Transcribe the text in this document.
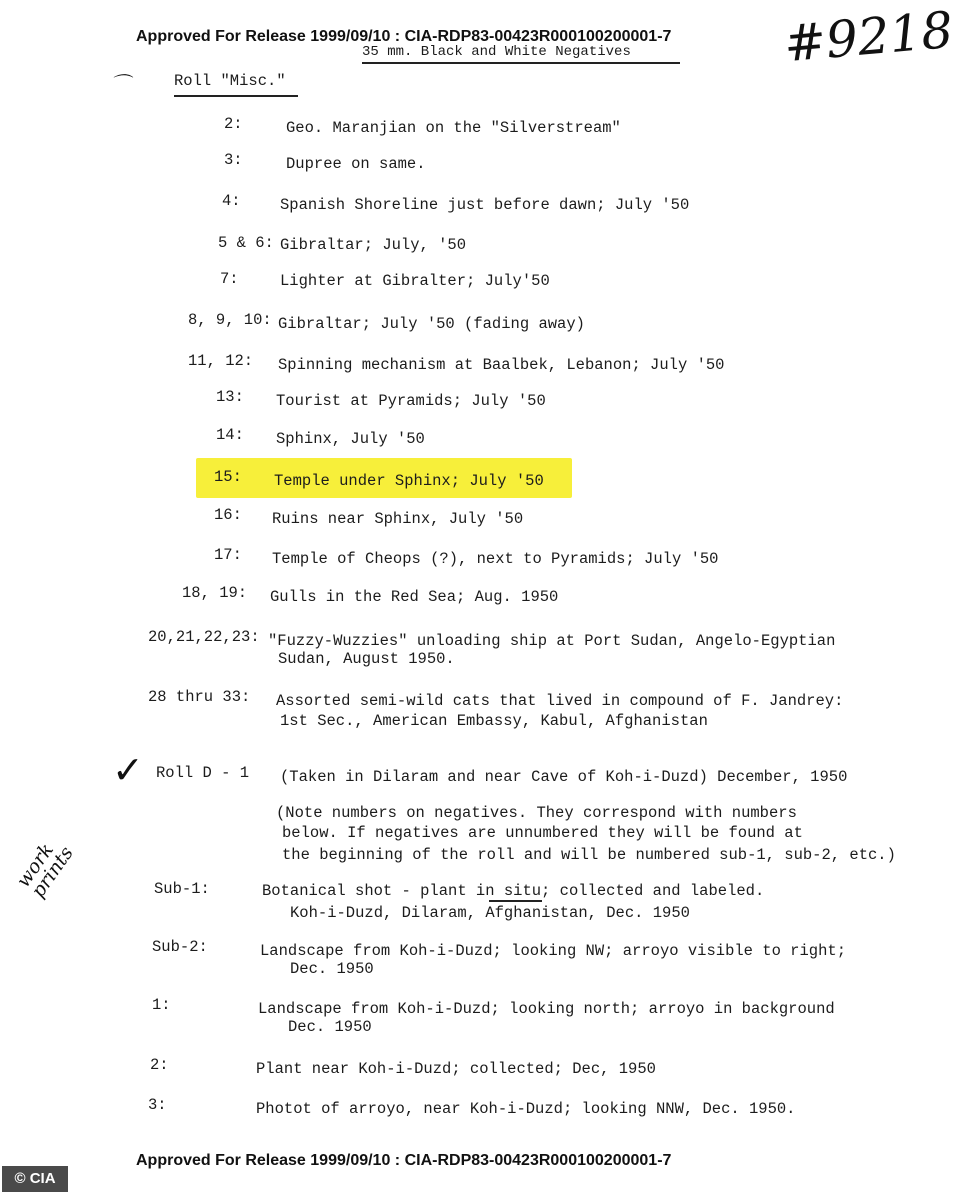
Approved For Release 1999/09/10 : CIA-RDP83-00423R000100200001-7
35 mm. Black and White Negatives	#9218
⌒	Roll "Misc."
2:	Geo. Maranjian on the "Silverstream"
3:	Dupree on same.
4:	Spanish Shoreline just before dawn; July '50
5 & 6: Gibraltar; July, '50
7:	Lighter at Gibralter; July'50
8, 9, 10: Gibraltar; July '50 (fading away)
11, 12: Spinning mechanism at Baalbek, Lebanon; July '50
13: Tourist at Pyramids; July '50
14: Sphinx, July '50
15: Temple under Sphinx; July '50
16: Ruins near Sphinx, July '50
17: Temple of Cheops (?), next to Pyramids; July '50
18, 19: Gulls in the Red Sea; Aug. 1950
20,21,22,23: "Fuzzy-Wuzzies" unloading ship at Port Sudan, Angelo-Egyptian
Sudan, August 1950.
28 thru 33: Assorted semi-wild cats that lived in compound of F. Jandrey:
1st Sec., American Embassy, Kabul, Afghanistan
✓ Roll D - 1 (Taken in Dilaram and near Cave of Koh-i-Duzd) December, 1950
(Note numbers on negatives. They correspond with numbers
below. If negatives are unnumbered they will be found at
the beginning of the roll and will be numbered sub-1, sub-2, etc.)
work prints	Sub-1:	Botanical shot - plant in situ; collected and labeled.
Koh-i-Duzd, Dilaram, Afghanistan, Dec. 1950
Sub-2:	Landscape from Koh-i-Duzd; looking NW; arroyo visible to right;
Dec. 1950
1:	Landscape from Koh-i-Duzd; looking north; arroyo in background
Dec. 1950
2:	Plant near Koh-i-Duzd; collected; Dec, 1950
3:	Photot of arroyo, near Koh-i-Duzd; looking NNW, Dec. 1950.
Approved For Release 1999/09/10 : CIA-RDP83-00423R000100200001-7
© CIA
